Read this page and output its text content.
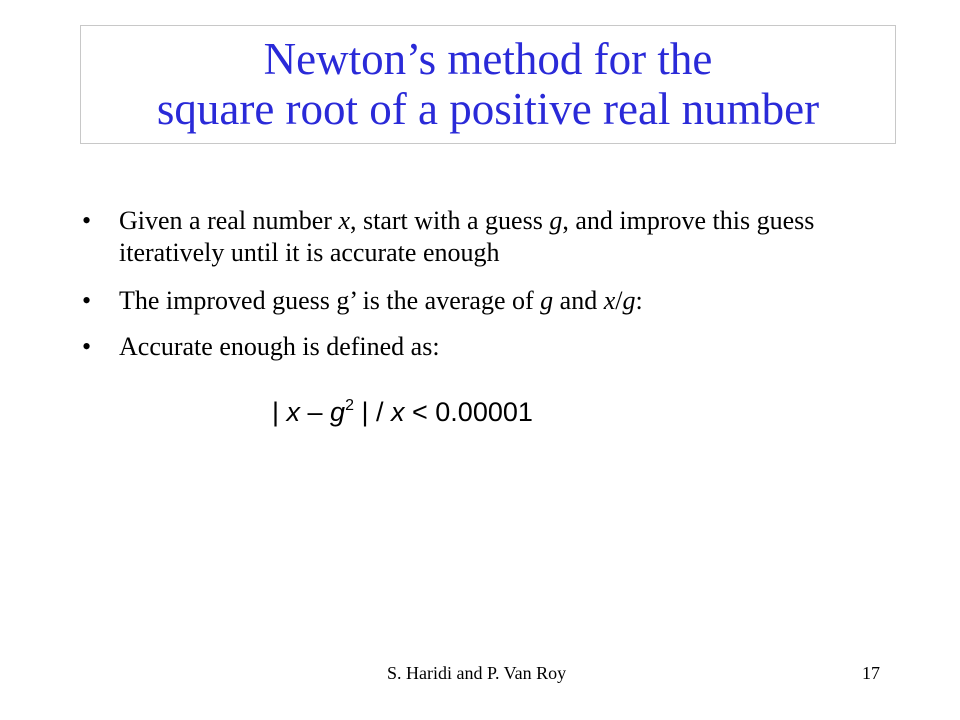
Newton’s method for the
square root of a positive real number
• Given a real number x, start with a guess g, and improve this guess iteratively until it is accurate enough
• The improved guess g’ is the average of g and x/g:
• Accurate enough is defined as:
| x – $g^2$ | / x < 0.00001
S. Haridi and P. Van Roy	17
